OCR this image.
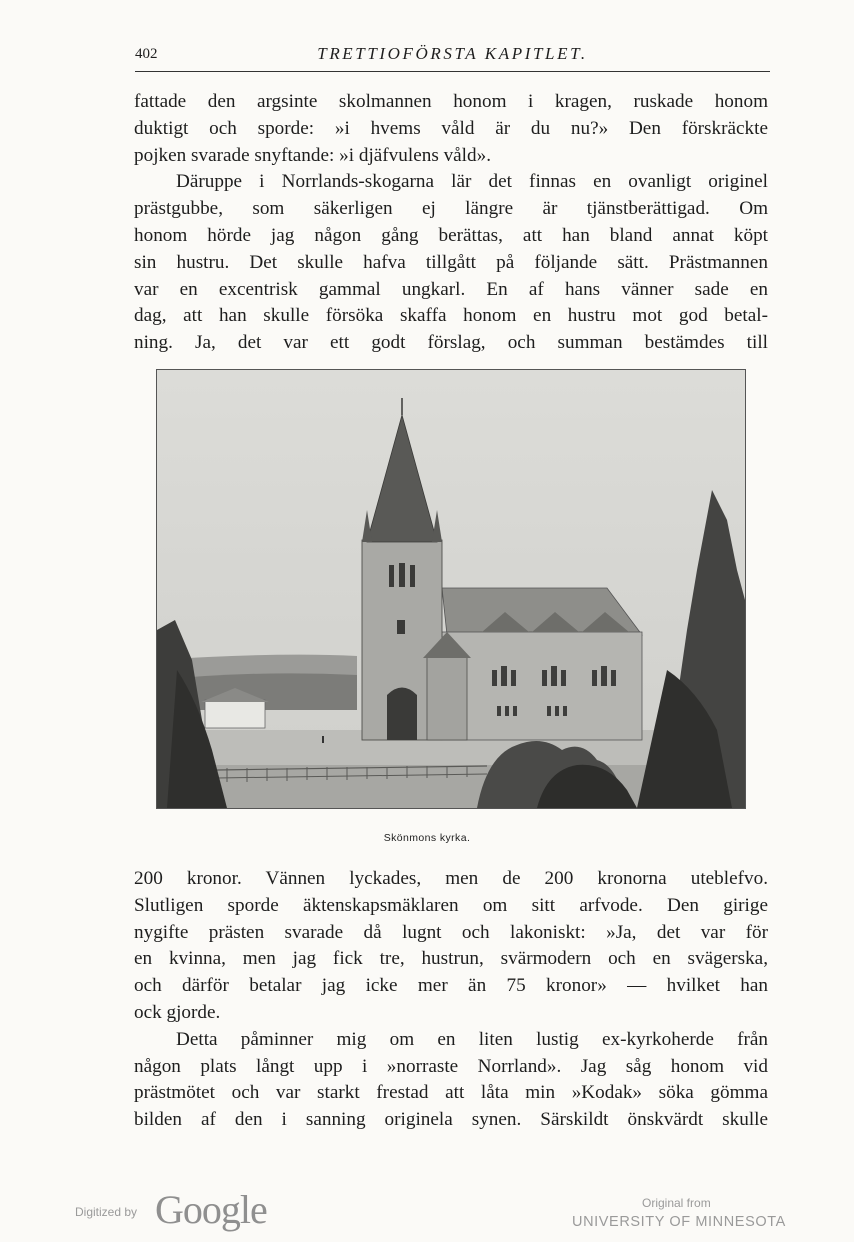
402	TRETTIOFÖRSTA KAPITLET.
fattade den argsinte skolmannen honom i kragen, ruskade honom
duktigt och sporde: »i hvems våld är du nu?» Den förskräckte
pojken svarade snyftande: »i djäfvulens våld».
Däruppe i Norrlands-skogarna lär det finnas en ovanligt originel
prästgubbe, som säkerligen ej längre är tjänstberättigad. Om
honom hörde jag någon gång berättas, att han bland annat köpt
sin hustru. Det skulle hafva tillgått på följande sätt. Prästmannen
var en excentrisk gammal ungkarl. En af hans vänner sade en
dag, att han skulle försöka skaffa honom en hustru mot god betal-
ning. Ja, det var ett godt förslag, och summan bestämdes till
Skönmons kyrka.
200 kronor. Vännen lyckades, men de 200 kronorna uteblefvo.
Slutligen sporde äktenskapsmäklaren om sitt arfvode. Den girige
nygifte prästen svarade då lugnt och lakoniskt: »Ja, det var för
en kvinna, men jag fick tre, hustrun, svärmodern och en svägerska,
och därför betalar jag icke mer än 75 kronor» — hvilket han
ock gjorde.
Detta påminner mig om en liten lustig ex-kyrkoherde från
någon plats långt upp i »norraste Norrland». Jag såg honom vid
prästmötet och var starkt frestad att låta min »Kodak» söka gömma
bilden af den i sanning originela synen. Särskildt önskvärdt skulle
Digitized by Google	Original from
UNIVERSITY OF MINNESOTA
